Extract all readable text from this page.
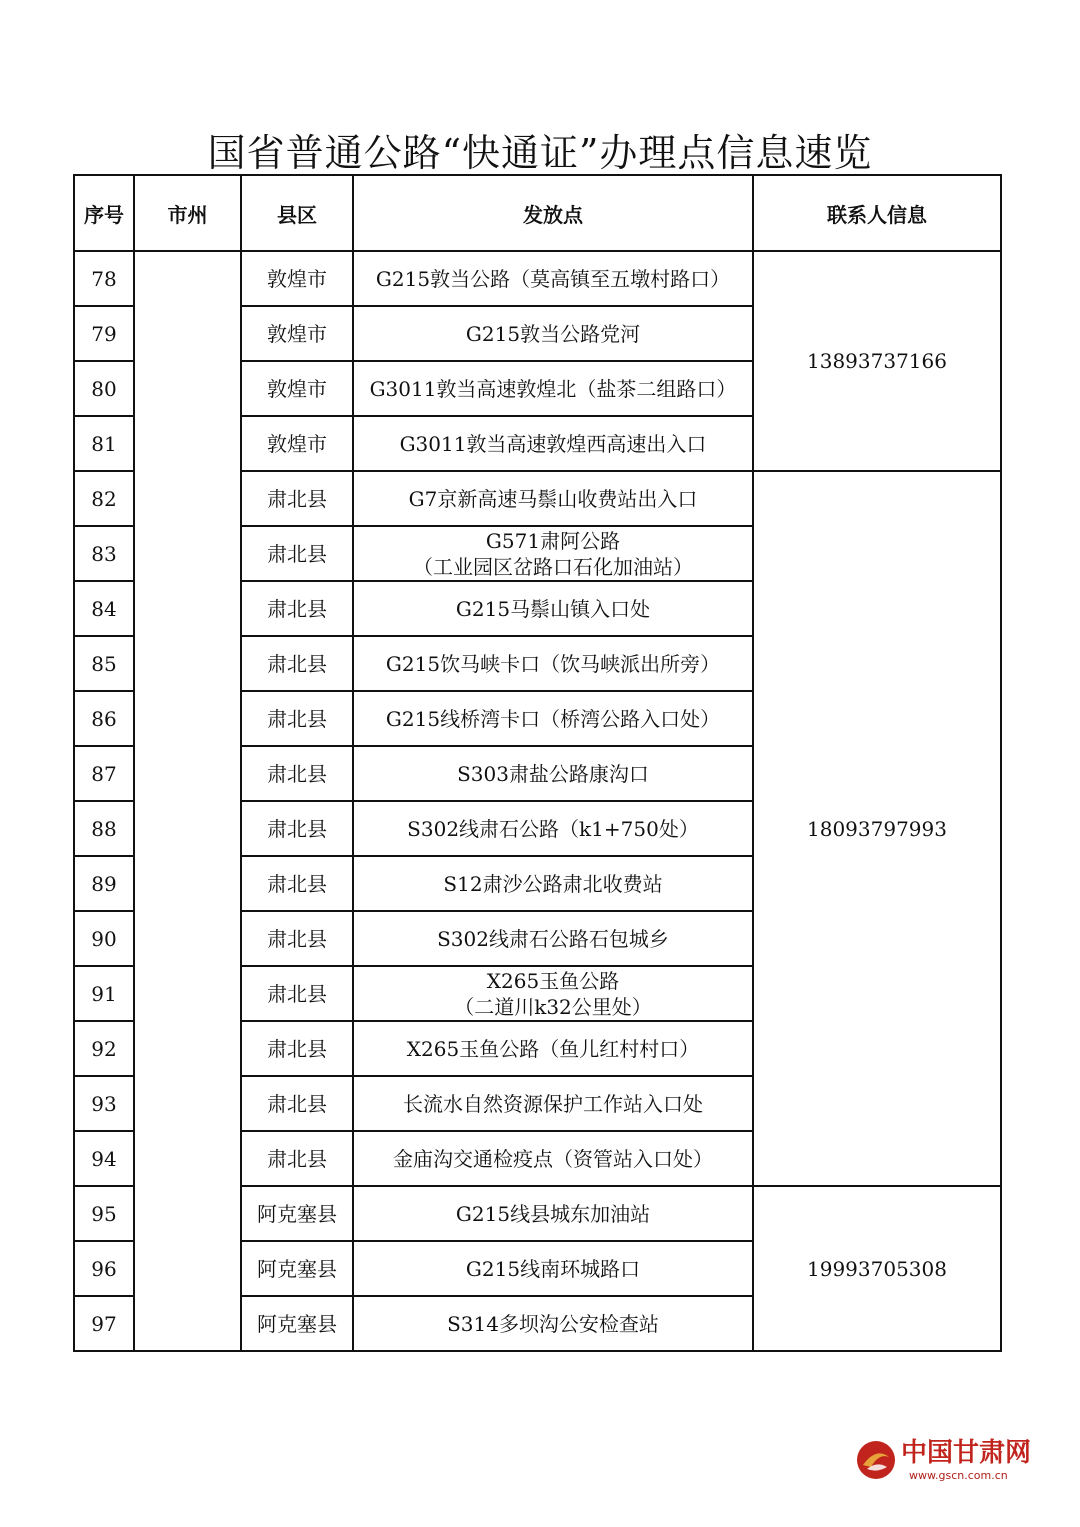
国省普通公路“快通证”办理点信息速览
序号	市州	县区	发放点	联系人信息
78		敦煌市	G215敦当公路（莫高镇至五墩村路口）	13893737166
79		敦煌市	G215敦当公路党河	
80		敦煌市	G3011敦当高速敦煌北（盐茶二组路口）	
81		敦煌市	G3011敦当高速敦煌西高速出入口	
82		肃北县	G7京新高速马鬃山收费站出入口	18093797993
83		肃北县	G571肃阿公路
（工业园区岔路口石化加油站）	

84		肃北县	G215马鬃山镇入口处	
85		肃北县	G215饮马峡卡口（饮马峡派出所旁）	
86		肃北县	G215线桥湾卡口（桥湾公路入口处）	
87		肃北县	S303肃盐公路康沟口	
88		肃北县	S302线肃石公路（k1+750处）	
89		肃北县	S12肃沙公路肃北收费站	
90		肃北县	S302线肃石公路石包城乡	
91		肃北县	X265玉鱼公路
（二道川k32公里处）	

92		肃北县	X265玉鱼公路（鱼儿红村村口）	
93		肃北县	长流水自然资源保护工作站入口处	
94		肃北县	金庙沟交通检疫点（资管站入口处）	
95		阿克塞县	G215线县城东加油站	19993705308
96		阿克塞县	G215线南环城路口	
97		阿克塞县	S314多坝沟公安检查站	
中国甘肃网
www.gscn.com.cn
